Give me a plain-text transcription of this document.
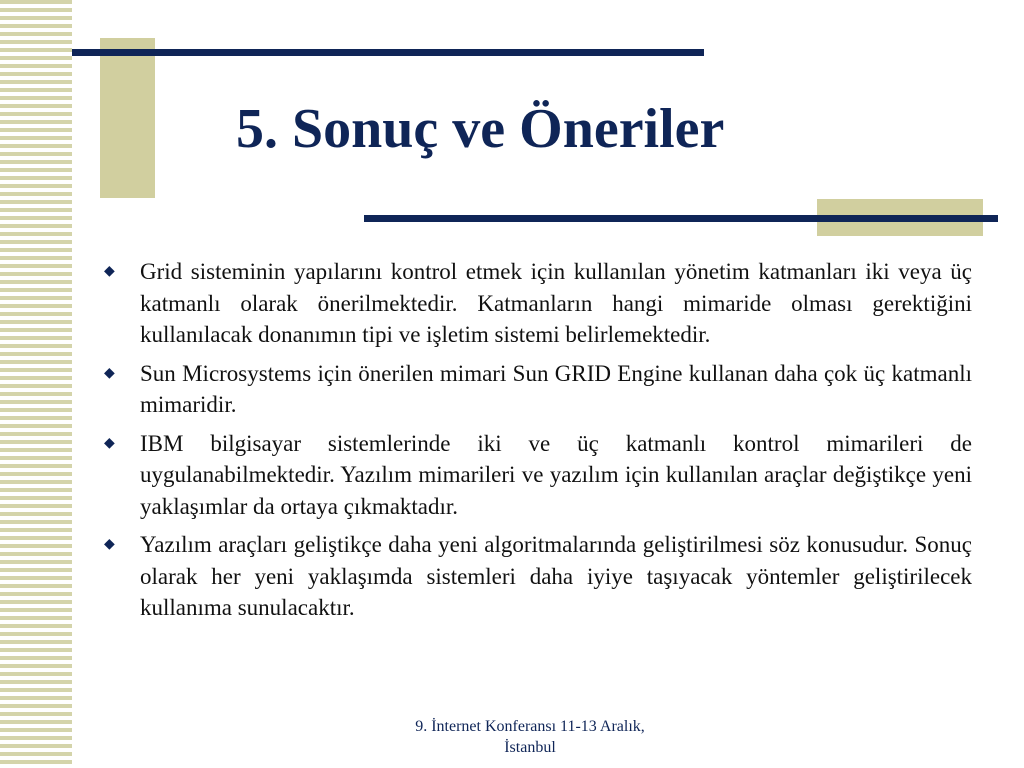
5. Sonuç ve Öneriler
◆ Grid sisteminin yapılarını kontrol etmek için kullanılan yönetim katmanları iki veya üç katmanlı olarak önerilmektedir. Katmanların hangi mimaride olması gerektiğini kullanılacak donanımın tipi ve işletim sistemi belirlemektedir.
◆ Sun Microsystems için önerilen mimari Sun GRID Engine kullanan daha çok üç katmanlı mimaridir.
◆ IBM bilgisayar sistemlerinde iki ve üç katmanlı kontrol mimarileri de uygulanabilmektedir. Yazılım mimarileri ve yazılım için kullanılan araçlar değiştikçe yeni yaklaşımlar da ortaya çıkmaktadır.
◆ Yazılım araçları geliştikçe daha yeni algoritmalarında geliştirilmesi söz konusudur. Sonuç olarak her yeni yaklaşımda sistemleri daha iyiye taşıyacak yöntemler geliştirilecek kullanıma sunulacaktır.
9. İnternet Konferansı 11-13 Aralık,
İstanbul
